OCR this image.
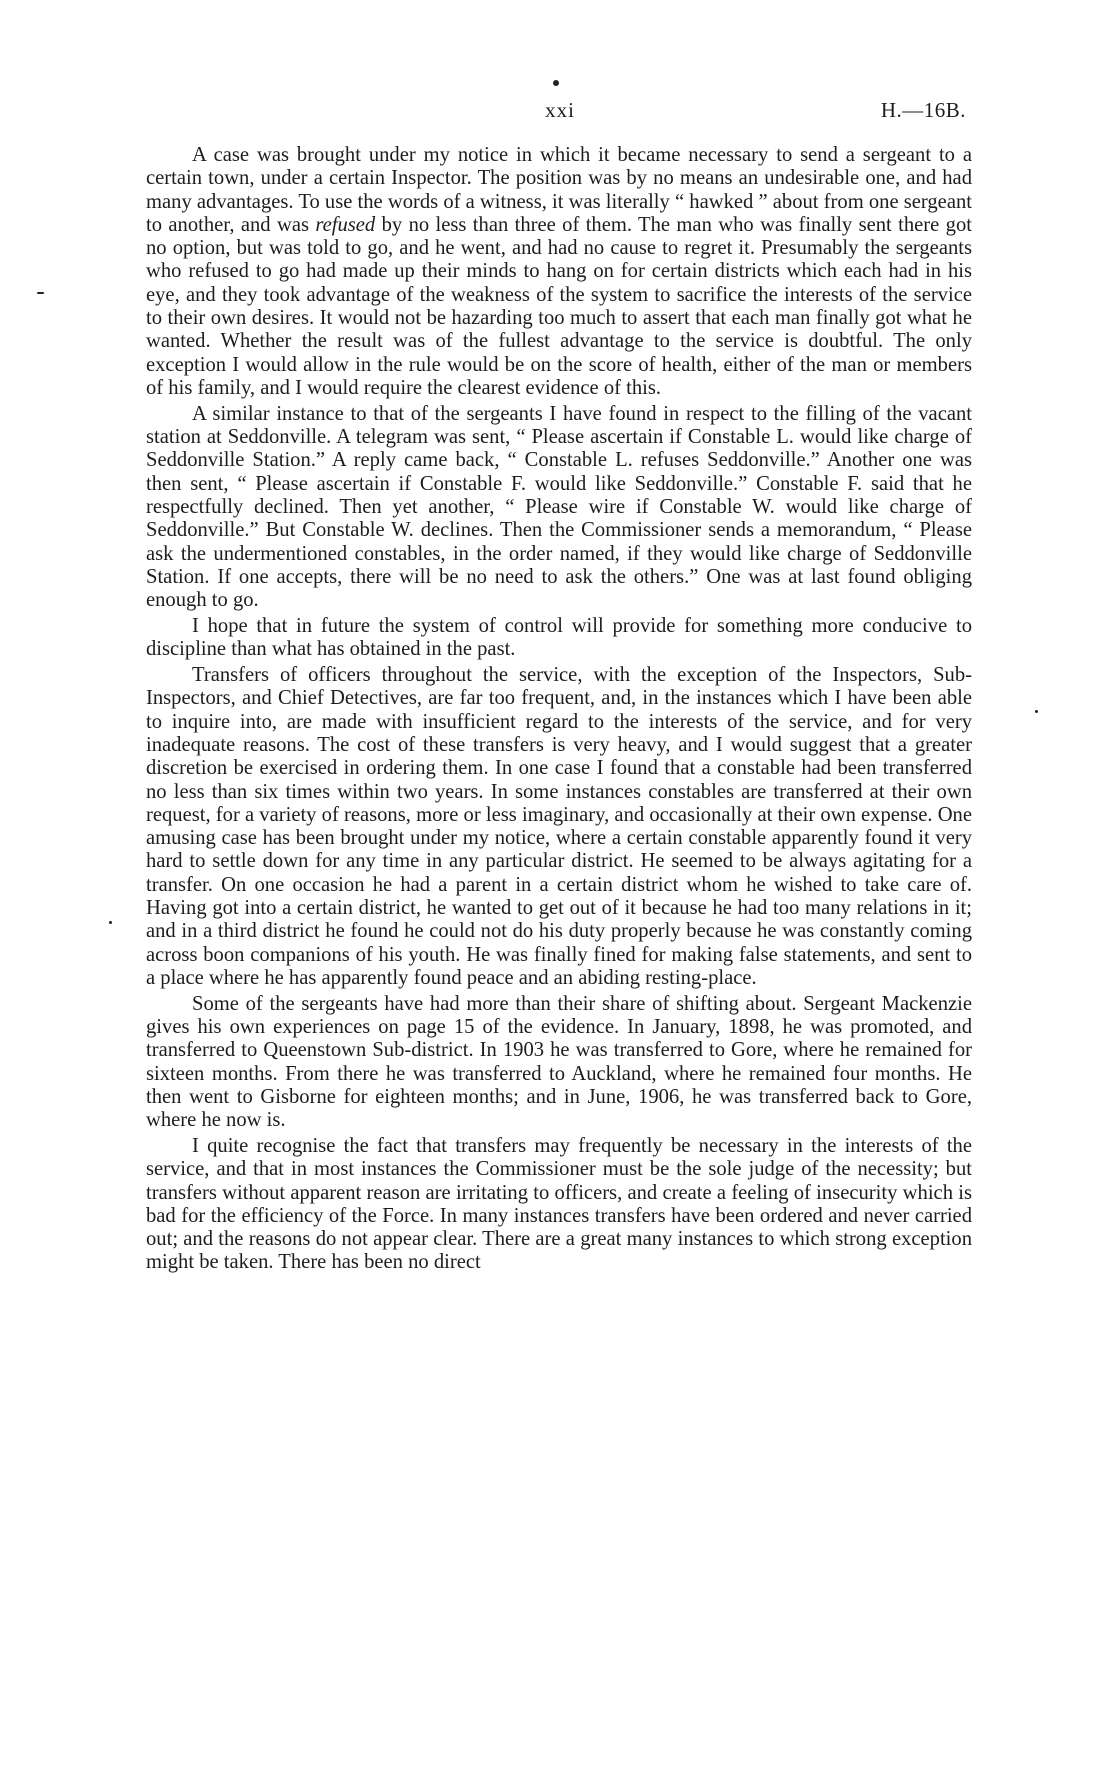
xxi	H.—16B.

A case was brought under my notice in which it became necessary to send a sergeant to a certain town, under a certain Inspector. The position was by no means an undesirable one, and had many advantages. To use the words of a witness, it was literally “ hawked ” about from one sergeant to another, and was refused by no less than three of them. The man who was finally sent there got no option, but was told to go, and he went, and had no cause to regret it. Presumably the sergeants who refused to go had made up their minds to hang on for certain districts which each had in his eye, and they took advantage of the weakness of the system to sacrifice the interests of the service to their own desires. It would not be hazarding too much to assert that each man finally got what he wanted. Whether the result was of the fullest advantage to the service is doubtful. The only exception I would allow in the rule would be on the score of health, either of the man or members of his family, and I would require the clearest evidence of this.

A similar instance to that of the sergeants I have found in respect to the filling of the vacant station at Seddonville. A telegram was sent, “ Please ascertain if Constable L. would like charge of Seddonville Station.” A reply came back, “ Constable L. refuses Seddonville.” Another one was then sent, “ Please ascertain if Constable F. would like Seddonville.” Constable F. said that he respectfully declined. Then yet another, “ Please wire if Constable W. would like charge of Seddonville.” But Constable W. declines. Then the Commissioner sends a memorandum, “ Please ask the undermentioned constables, in the order named, if they would like charge of Seddonville Station. If one accepts, there will be no need to ask the others.” One was at last found obliging enough to go.

I hope that in future the system of control will provide for something more conducive to discipline than what has obtained in the past.

Transfers of officers throughout the service, with the exception of the Inspectors, Sub-Inspectors, and Chief Detectives, are far too frequent, and, in the instances which I have been able to inquire into, are made with insufficient regard to the interests of the service, and for very inadequate reasons. The cost of these transfers is very heavy, and I would suggest that a greater discretion be exercised in ordering them. In one case I found that a constable had been transferred no less than six times within two years. In some instances constables are transferred at their own request, for a variety of reasons, more or less imaginary, and occasionally at their own expense. One amusing case has been brought under my notice, where a certain constable apparently found it very hard to settle down for any time in any particular district. He seemed to be always agitating for a transfer. On one occasion he had a parent in a certain district whom he wished to take care of. Having got into a certain district, he wanted to get out of it because he had too many relations in it; and in a third district he found he could not do his duty properly because he was constantly coming across boon companions of his youth. He was finally fined for making false statements, and sent to a place where he has apparently found peace and an abiding resting-place.

Some of the sergeants have had more than their share of shifting about. Sergeant Mackenzie gives his own experiences on page 15 of the evidence. In January, 1898, he was promoted, and transferred to Queenstown Sub-district. In 1903 he was transferred to Gore, where he remained for sixteen months. From there he was transferred to Auckland, where he remained four months. He then went to Gisborne for eighteen months; and in June, 1906, he was transferred back to Gore, where he now is.

I quite recognise the fact that transfers may frequently be necessary in the interests of the service, and that in most instances the Commissioner must be the sole judge of the necessity; but transfers without apparent reason are irritating to officers, and create a feeling of insecurity which is bad for the efficiency of the Force. In many instances transfers have been ordered and never carried out; and the reasons do not appear clear. There are a great many instances to which strong exception might be taken. There has been no direct
